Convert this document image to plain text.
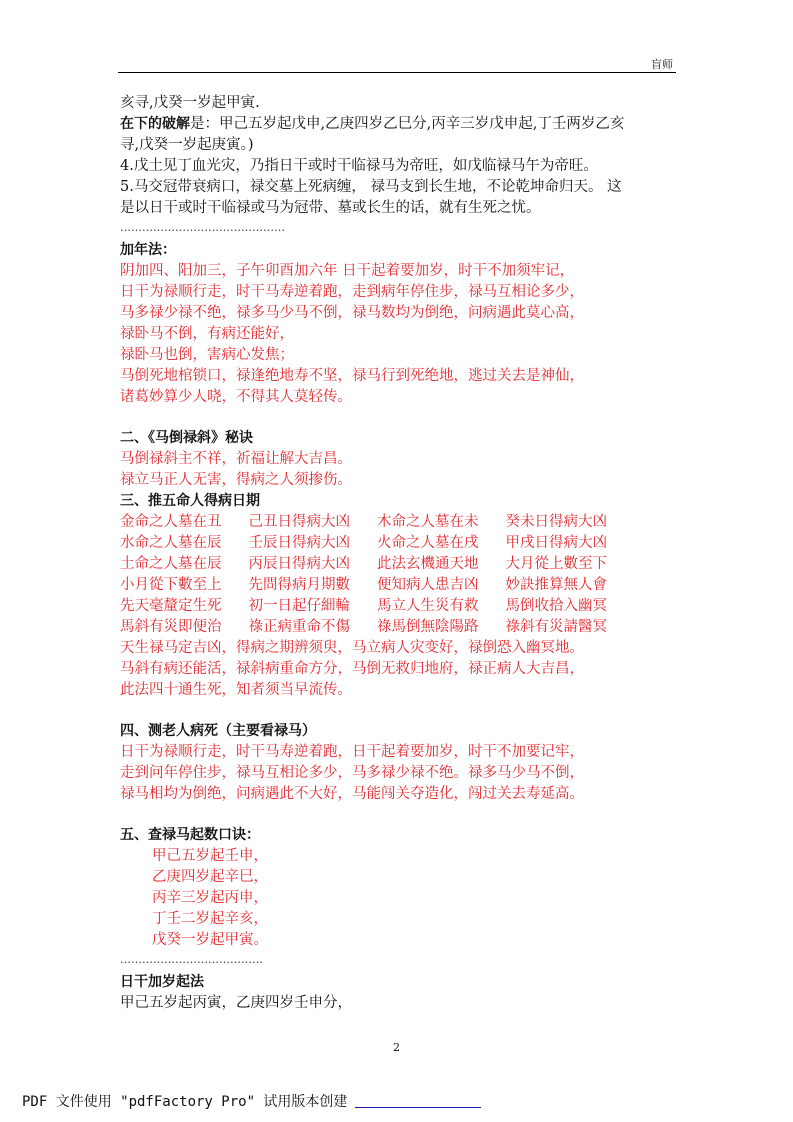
盲师
亥寻,戊癸一岁起甲寅.
在下的破解是：甲己五岁起戊申,乙庚四岁乙巳分,丙辛三岁戊申起,丁壬两岁乙亥
寻,戊癸一岁起庚寅。)
4.戊土见丁血光灾，乃指日干或时干临禄马为帝旺，如戊临禄马午为帝旺。
5.马交冠带衰病口，禄交墓上死病缠， 禄马支到长生地，不论乾坤命归天。 这
是以日干或时干临禄或马为冠带、墓或长生的话，就有生死之忧。
………………………………………
加年法：
阴加四、阳加三，子午卯酉加六年 日干起着要加岁，时干不加须牢记，
日干为禄顺行走，时干马寿逆着跑，走到病年停住步，禄马互相论多少，
马多禄少禄不绝，禄多马少马不倒，禄马数均为倒绝，问病遇此莫心高，
禄卧马不倒，有病还能好，
禄卧马也倒，害病心发焦；
马倒死地棺锁口，禄逢绝地寿不坚，禄马行到死绝地，逃过关去是神仙，
诸葛妙算少人哓，不得其人莫轻传。
二、《马倒禄斜》秘诀
马倒禄斜主不祥，祈福让解大吉昌。
禄立马正人无害，得病之人须掺伤。
三、推五命人得病日期
金命之人墓在丑	己丑日得病大凶	木命之人墓在未	癸未日得病大凶
水命之人墓在辰	壬辰日得病大凶	火命之人墓在戌	甲戌日得病大凶
土命之人墓在辰	丙辰日得病大凶	此法玄機通天地	大月從上數至下
小月從下數至上	先問得病月期數	便知病人患吉凶	妙訣推算無人會
先天毫釐定生死	初一日起仔細輪	馬立人生災有救	馬倒收拾入幽冥
馬斜有災即便治	祿正病重命不傷	祿馬倒無陰陽路	祿斜有災請醫冥
天生禄马定吉凶，得病之期辨须臾，马立病人灾变好，禄倒恐入幽冥地。
马斜有病还能活，禄斜病重命方分，马倒无救归地府，禄正病人大吉昌，
此法四十通生死，知者须当早流传。
四、测老人病死（主要看禄马）
日干为禄顺行走，时干马寿逆着跑，日干起着要加岁，时干不加要记牢，
走到问年停住步，禄马互相论多少，马多禄少禄不绝。禄多马少马不倒，
禄马相均为倒绝，问病遇此不大好，马能闯关夺造化，闯过关去寿延高。
五、查禄马起数口诀：
甲己五岁起壬申，
乙庚四岁起辛巳，
丙辛三岁起丙申，
丁壬二岁起辛亥，
戊癸一岁起甲寅。
…………………………………
日干加岁起法
甲己五岁起丙寅，乙庚四岁壬申分，
2
PDF 文件使用 "pdfFactory Pro" 试用版本创建
